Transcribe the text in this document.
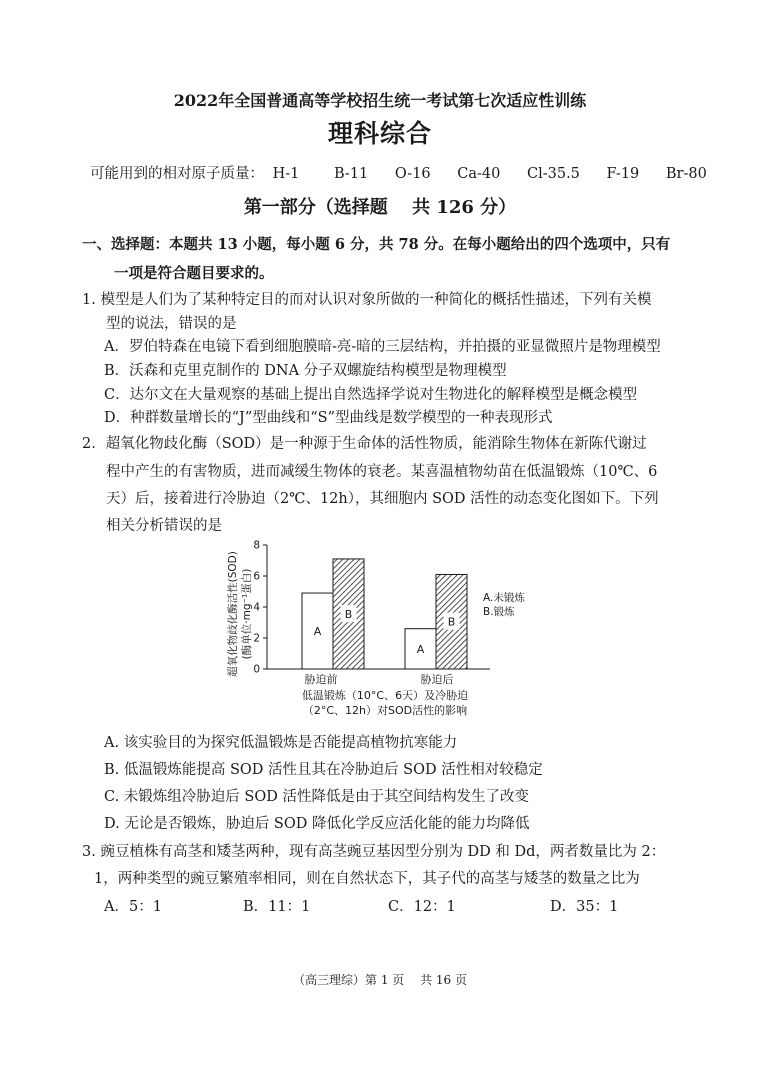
2022年全国普通高等学校招生统一考试第七次适应性训练
理科综合
可能用到的相对原子质量： H-1 B-11 O-16 Ca-40 Cl-35.5 F-19 Br-80
第一部分（选择题　 共 126 分）
一、选择题：本题共 13 小题，每小题 6 分，共 78 分。在每小题给出的四个选项中，只有
一项是符合题目要求的。
1. 模型是人们为了某种特定目的而对认识对象所做的一种简化的概括性描述，下列有关模
型的说法，错误的是
A．罗伯特森在电镜下看到细胞膜暗-亮-暗的三层结构，并拍摄的亚显微照片是物理模型
B．沃森和克里克制作的 DNA 分子双螺旋结构模型是物理模型
C．达尔文在大量观察的基础上提出自然选择学说对生物进化的解释模型是概念模型
D．种群数量增长的“J”型曲线和“S”型曲线是数学模型的一种表现形式
2．超氧化物歧化酶（SOD）是一种源于生命体的活性物质，能消除生物体在新陈代谢过
程中产生的有害物质，进而减缓生物体的衰老。某喜温植物幼苗在低温锻炼（10℃、6
天）后，接着进行冷胁迫（2℃、12h），其细胞内 SOD 活性的动态变化图如下。下列
相关分析错误的是
超氧化物歧化酶活性(SOD) (酶单位·mg⁻¹蛋白)
0
2
4
6
8
A
B
A
B
胁迫前	胁迫后
A.未锻炼
B.锻炼
低温锻炼（10°C、6天）及冷胁迫
（2°C、12h）对SOD活性的影响
A. 该实验目的为探究低温锻炼是否能提高植物抗寒能力
B. 低温锻炼能提高 SOD 活性且其在冷胁迫后 SOD 活性相对较稳定
C. 未锻炼组冷胁迫后 SOD 活性降低是由于其空间结构发生了改变
D. 无论是否锻炼，胁迫后 SOD 降低化学反应活化能的能力均降低
3. 豌豆植株有高茎和矮茎两种，现有高茎豌豆基因型分别为 DD 和 Dd，两者数量比为 2：
1，两种类型的豌豆繁殖率相同，则在自然状态下，其子代的高茎与矮茎的数量之比为
A．5：1	B．11：1	C．12：1	D．35：1
（高三理综）第 1 页　 共 16 页
